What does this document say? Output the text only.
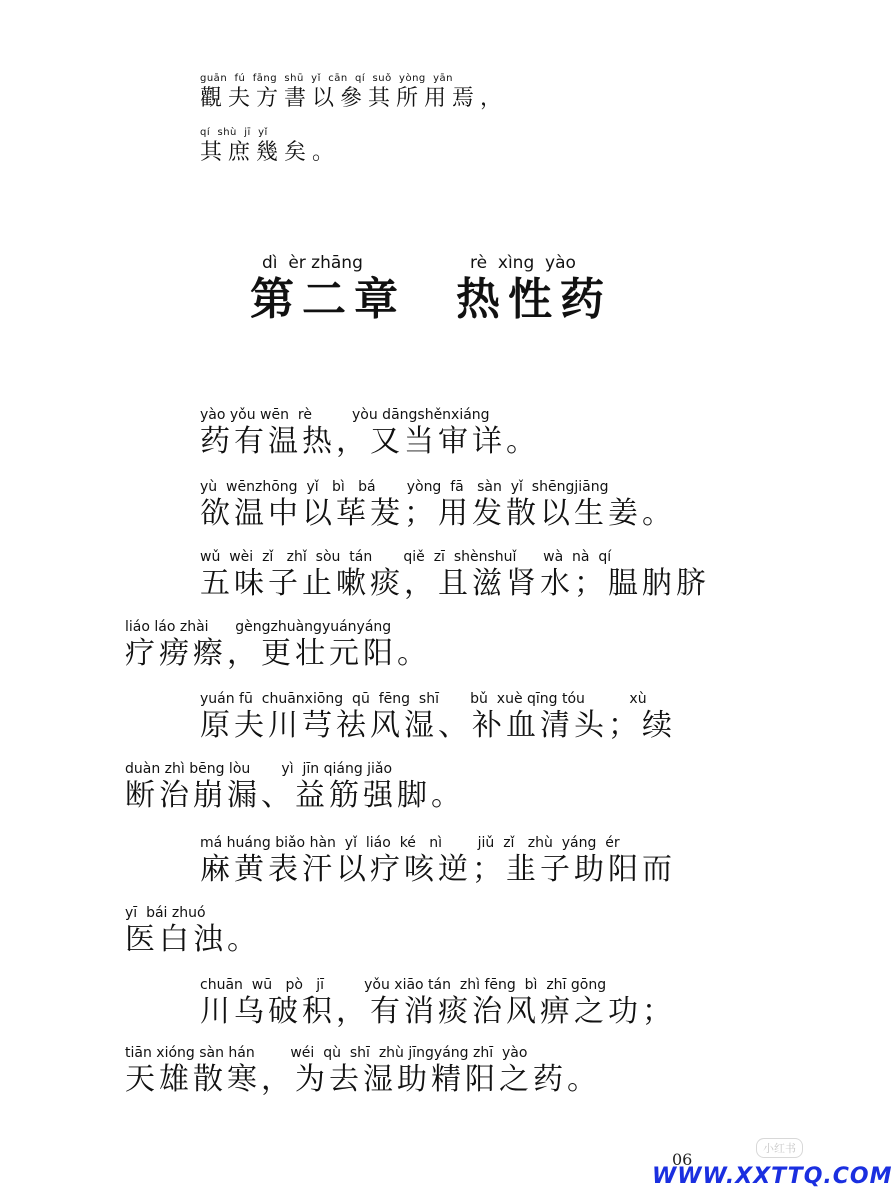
guān  fú  fāng  shū  yǐ  cān  qí  suǒ  yòng  yān
觀夫方書以參其所用焉，
qí  shù  jī  yǐ
其庶幾矣。
dì  èr zhāng
第二章
rè  xìng  yào
热性药
yào yǒu wēn  rè         yòu dāngshěnxiáng
药有温热，又当审详。
yù  wēnzhōng  yǐ   bì   bá       yòng  fā   sàn  yǐ  shēngjiāng
欲温中以荜茇；用发散以生姜。
wǔ  wèi  zǐ   zhǐ  sòu  tán       qiě  zī  shènshuǐ      wà  nà  qí
五味子止嗽痰，且滋肾水；腽肭脐
liáo láo zhài      gèngzhuàngyuányáng
疗痨瘵，更壮元阳。
yuán fū  chuānxiōng  qū  fēng  shī       bǔ  xuè qīng tóu          xù
原夫川芎祛风湿、补血清头；续
duàn zhì bēng lòu       yì  jīn qiáng jiǎo
断治崩漏、益筋强脚。
má huáng biǎo hàn  yǐ  liáo  ké   nì        jiǔ  zǐ   zhù  yáng  ér
麻黄表汗以疗咳逆；韭子助阳而
yī  bái zhuó
医白浊。
chuān  wū   pò   jī         yǒu xiāo tán  zhì fēng  bì  zhī gōng
川乌破积，有消痰治风痹之功；
tiān xióng sàn hán        wéi  qù  shī  zhù jīngyáng zhī  yào
天雄散寒，为去湿助精阳之药。
06
小红书
WWW.XXTTQ.COM
